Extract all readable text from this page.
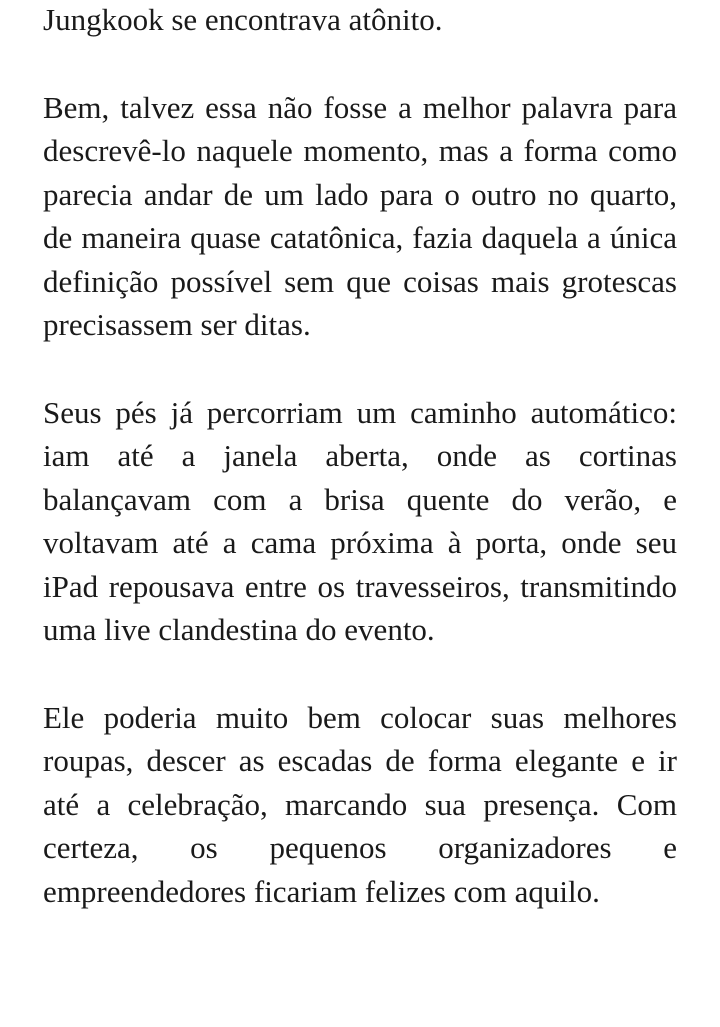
Jungkook se encontrava atônito.

Bem, talvez essa não fosse a melhor palavra para descrevê-lo naquele momento, mas a forma como parecia andar de um lado para o outro no quarto, de maneira quase catatônica, fazia daquela a única definição possível sem que coisas mais grotescas precisassem ser ditas.

Seus pés já percorriam um caminho automático: iam até a janela aberta, onde as cortinas balançavam com a brisa quente do verão, e voltavam até a cama próxima à porta, onde seu iPad repousava entre os travesseiros, transmitindo uma live clandestina do evento.

Ele poderia muito bem colocar suas melhores roupas, descer as escadas de forma elegante e ir até a celebração, marcando sua presença. Com certeza, os pequenos organizadores e empreendedores ficariam felizes com aquilo.
